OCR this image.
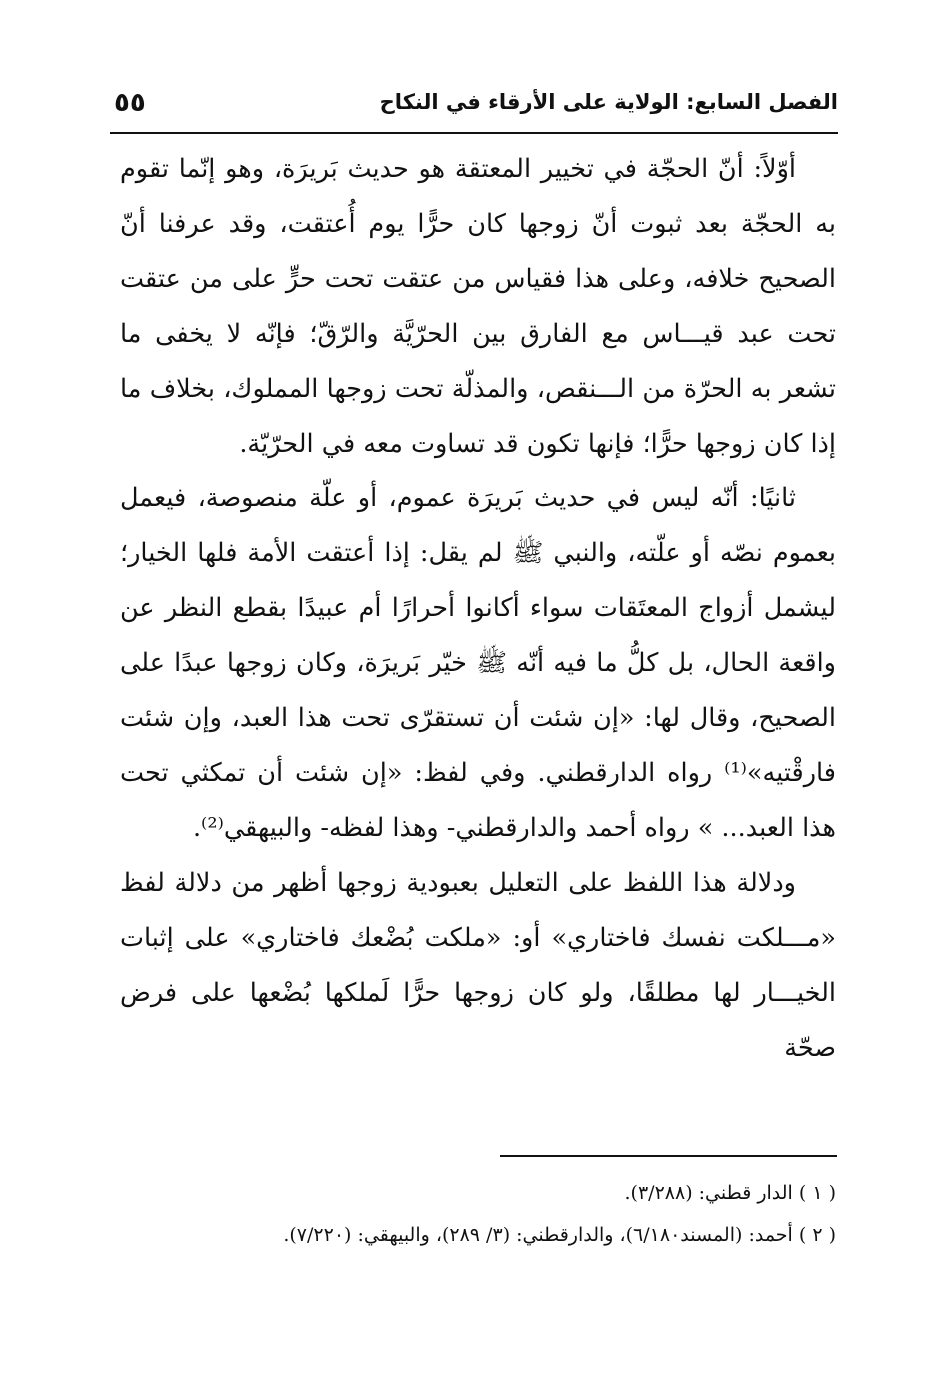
الفصل السابع: الولاية على الأرقاء في النكاح
٥٥

أوّلاً: أنّ الحجّة في تخيير المعتقة هو حديث بَريرَة، وهو إنّما تقوم به الحجّة بعد ثبوت أنّ زوجها كان حرًّا يوم أُعتقت، وقد عرفنا أنّ الصحيح خلافه، وعلى هذا فقياس من عتقت تحت حرٍّ على من عتقت تحت عبد قيـــاس مع الفارق بين الحرّيَّة والرّقّ؛ فإنّه لا يخفى ما تشعر به الحرّة من الـــنقص، والمذلّة تحت زوجها المملوك، بخلاف ما إذا كان زوجها حرًّا؛ فإنها تكون قد تساوت معه في الحرّيّة.

ثانيًا: أنّه ليس في حديث بَريرَة عموم، أو علّة منصوصة، فيعمل بعموم نصّه أو علّته، والنبي ﷺ لم يقل: إذا أعتقت الأمة فلها الخيار؛ ليشمل أزواج المعتَقات سواء أكانوا أحرارًا أم عبيدًا بقطع النظر عن واقعة الحال، بل كلُّ ما فيه أنّه ﷺ خيّر بَريرَة، وكان زوجها عبدًا على الصحيح، وقال لها: «إن شئت أن تستقرّى تحت هذا العبد، وإن شئت فارقْتيه»⁽¹⁾ رواه الدارقطني. وفي لفظ: «إن شئت أن تمكثي تحت هذا العبد... » رواه أحمد والدارقطني- وهذا لفظه- والبيهقي⁽²⁾.

ودلالة هذا اللفظ على التعليل بعبودية زوجها أظهر من دلالة لفظ «مـــلكت نفسك فاختاري» أو: «ملكت بُضْعك فاختاري» على إثبات الخيـــار لها مطلقًا، ولو كان زوجها حرًّا لَملكها بُضْعها على فرض صحّة

( ١ ) الدار قطني: (٣/٢٨٨).

( ٢ ) أحمد: (المسند٦/١٨٠)، والدارقطني: (٣/ ٢٨٩)، والبيهقي: (٧/٢٢٠).
